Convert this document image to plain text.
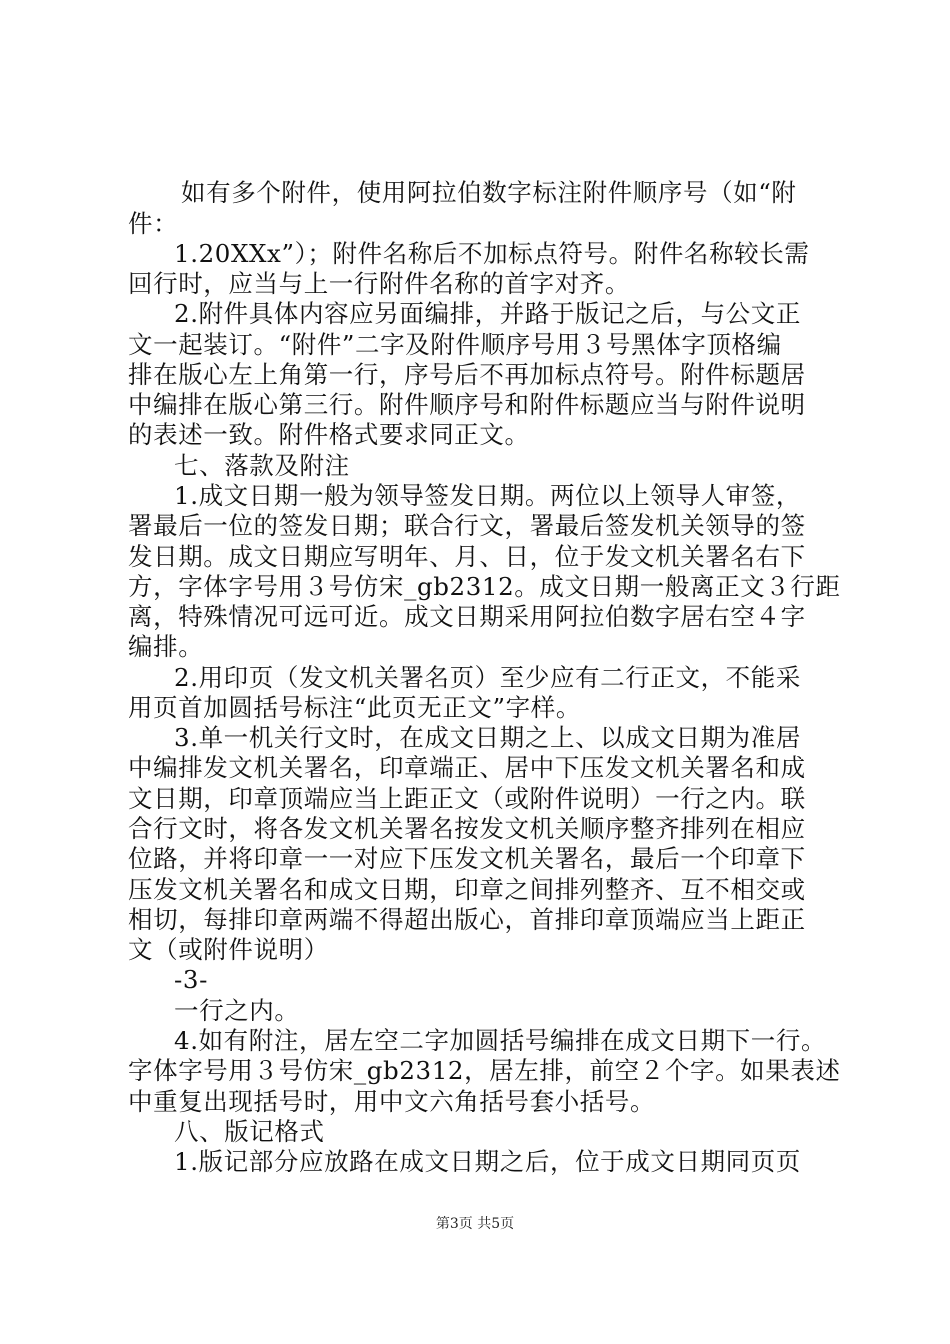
如有多个附件，使用阿拉伯数字标注附件顺序号（如“附
件：
1.20XXx”）；附件名称后不加标点符号。附件名称较长需
回行时，应当与上一行附件名称的首字对齐。
2.附件具体内容应另面编排，并路于版记之后，与公文正
文一起装订。“附件”二字及附件顺序号用３号黑体字顶格编
排在版心左上角第一行，序号后不再加标点符号。附件标题居
中编排在版心第三行。附件顺序号和附件标题应当与附件说明
的表述一致。附件格式要求同正文。
七、落款及附注
1.成文日期一般为领导签发日期。两位以上领导人审签，
署最后一位的签发日期；联合行文，署最后签发机关领导的签
发日期。成文日期应写明年、月、日，位于发文机关署名右下
方，字体字号用３号仿宋_gb2312。成文日期一般离正文３行距
离，特殊情况可远可近。成文日期采用阿拉伯数字居右空４字
编排。
2.用印页（发文机关署名页）至少应有二行正文，不能采
用页首加圆括号标注“此页无正文”字样。
3.单一机关行文时，在成文日期之上、以成文日期为准居
中编排发文机关署名，印章端正、居中下压发文机关署名和成
文日期，印章顶端应当上距正文（或附件说明）一行之内。联
合行文时，将各发文机关署名按发文机关顺序整齐排列在相应
位路，并将印章一一对应下压发文机关署名，最后一个印章下
压发文机关署名和成文日期，印章之间排列整齐、互不相交或
相切，每排印章两端不得超出版心，首排印章顶端应当上距正
文（或附件说明）
-3-
一行之内。
4.如有附注，居左空二字加圆括号编排在成文日期下一行。
字体字号用３号仿宋_gb2312，居左排，前空２个字。如果表述
中重复出现括号时，用中文六角括号套小括号。
八、版记格式
1.版记部分应放路在成文日期之后，位于成文日期同页页
第3页 共5页
